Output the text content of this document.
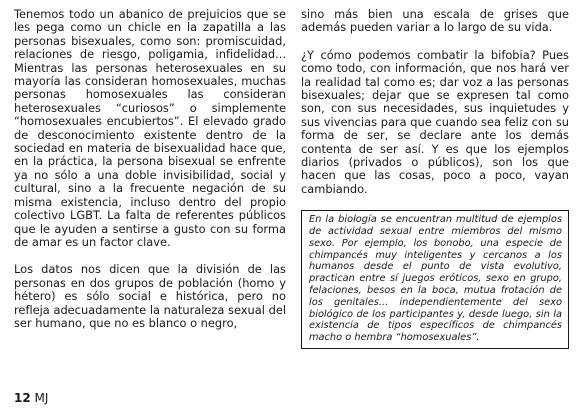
Tenemos todo un abanico de prejuicios que se les pega como un chicle en la zapatilla a las personas bisexuales, como son: promiscuidad, relaciones de riesgo, poligamia, infidelidad... Mientras las personas heterosexuales en su mayoría las consideran homosexuales, muchas personas homosexuales las consideran heterosexuales “curiosos” o simplemente “homosexuales encubiertos”. El elevado grado de desconocimiento existente dentro de la sociedad en materia de bisexualidad hace que, en la práctica, la persona bisexual se enfrente ya no sólo a una doble invisibilidad, social y cultural, sino a la frecuente negación de su misma existencia, incluso dentro del propio colectivo LGBT. La falta de referentes públicos que le ayuden a sentirse a gusto con su forma de amar es un factor clave.

Los datos nos dicen que la división de las personas en dos grupos de población (homo y hétero) es sólo social e histórica, pero no refleja adecuadamente la naturaleza sexual del ser humano, que no es blanco o negro,

sino más bien una escala de grises que además pueden variar a lo largo de su vida.

¿Y cómo podemos combatir la bifobia? Pues como todo, con información, que nos hará ver la realidad tal como es; dar voz a las personas bisexuales; dejar que se expresen tal como son, con sus necesidades, sus inquietudes y sus vivencias para que cuando sea feliz con su forma de ser, se declare ante los demás contenta de ser así. Y es que los ejemplos diarios (privados o públicos), son los que hacen que las cosas, poco a poco, vayan cambiando.

En la biología se encuentran multitud de ejemplos de actividad sexual entre miembros del mismo sexo. Por ejemplo, los bonobo, una especie de chimpancés muy inteligentes y cercanos a los humanos desde el punto de vista evolutivo, practican entre sí juegos eróticos, sexo en grupo, felaciones, besos en la boca, mutua frotación de los genitales... independientemente del sexo biológico de los participantes y, desde luego, sin la existencia de tipos específicos de chimpancés macho o hembra “homosexuales”.
12 MJ
